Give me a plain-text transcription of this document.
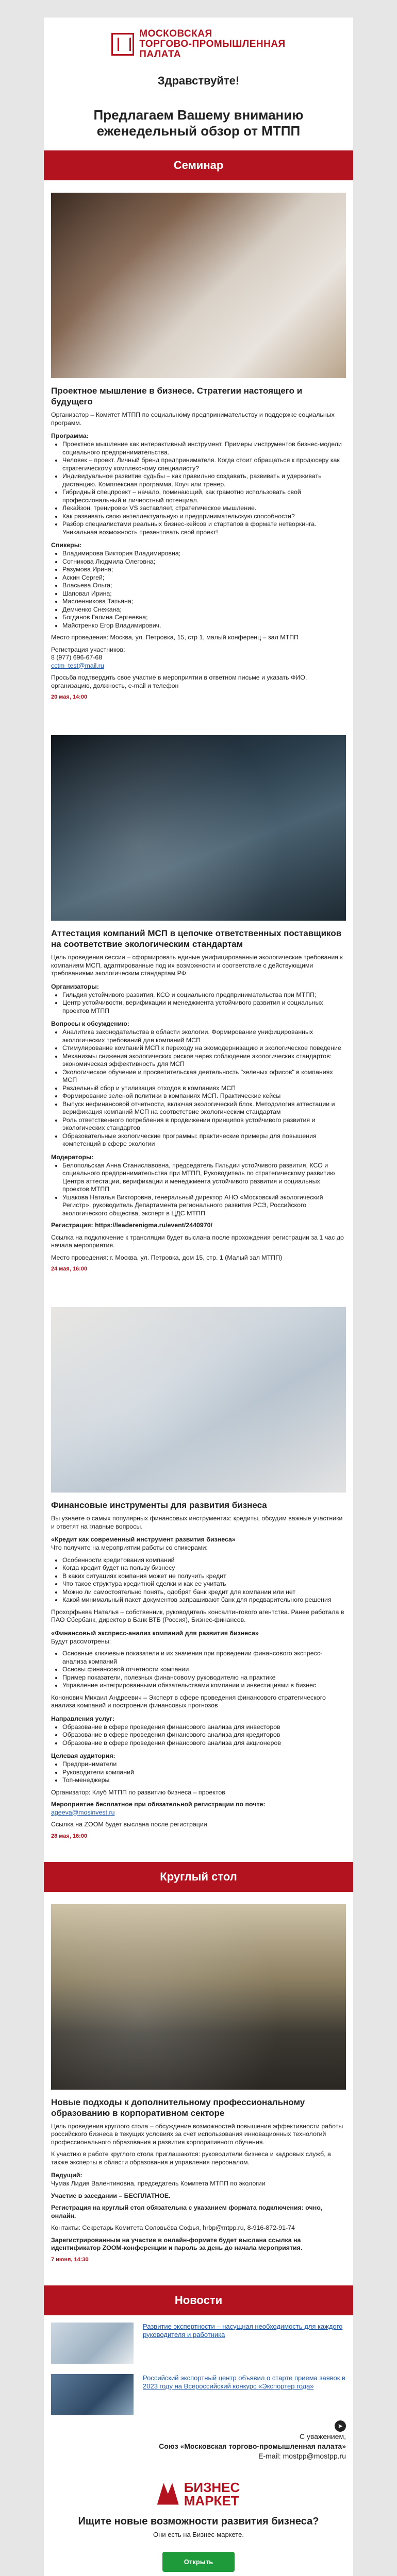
МОСКОВСКАЯ
ТОРГОВО-ПРОМЫШЛЕННАЯ
ПАЛАТА
Здравствуйте!
Предлагаем Вашему вниманию еженедельный обзор от МТПП
Семинар
Проектное мышление в бизнесе. Стратегии настоящего и будущего

Организатор – Комитет МТПП по социальному предпринимательству и поддержке социальных программ.

Программа:
• Проектное мышление как интерактивный инструмент. Примеры инструментов бизнес-модели социального предпринимательства.
• Человек – проект. Личный бренд предпринимателя. Когда стоит обращаться к продюсеру как стратегическому комплексному специалисту?
• Индивидуальное развитие судьбы – как правильно создавать, развивать и удерживать дистанцию. Комплексная программа. Коуч или тренер.
• Гибридный спецпроект – начало, поминающий, как грамотно использовать свой профессиональный и личностный потенциал.
• Лекайзон, тренировки VS заставляет, стратегическое мышление.
• Как развивать свою интеллектуальную и предпринимательскую способности?
• Разбор специалистами реальных бизнес-кейсов и стартапов в формате нетворкинга. Уникальная возможность презентовать свой проект!
Спикеры:
• Владимирова Виктория Владимировна;
• Сотникова Людмила Олеговна;
• Разумова Ирина;
• Аскин Сергей;
• Власьева Ольга;
• Шаповал Ирина;
• Масленникова Татьяна;
• Демченко Снежана;
• Богданов Галина Сергеевна;
• Майстренко Егор Владимирович.

Место проведения: Москва, ул. Петровка, 15, стр 1, малый конференц – зал МТПП

Регистрация участников:
8 (977) 696-67-68
cctm_test@mail.ru

Просьба подтвердить свое участие в мероприятии в ответном письме и указать ФИО, организацию, должность, e-mail и телефон

20 мая, 14:00
Аттестация компаний МСП в цепочке ответственных поставщиков на соответствие экологическим стандартам

Цель проведения сессии – сформировать единые унифицированные экологические требования к компаниям МСП, адаптированные под их возможности и соответствие с действующими требованиями экологическим стандартам РФ

Организаторы:
• Гильдия устойчивого развития, КСО и социального предпринимательства при МТПП;
• Центр устойчивости, верификации и менеджмента устойчивого развития и социальных проектов МТПП
Вопросы к обсуждению:
• Аналитика законодательства в области экологии. Формирование унифицированных экологических требований для компаний МСП
• Стимулирование компаний МСП к переходу на экомодернизацию и экологическое поведение
• Механизмы снижения экологических рисков через соблюдение экологических стандартов: экономическая эффективность для МСП
• Экологическое обучение и просветительская деятельность "зеленых офисов" в компаниях МСП
• Раздельный сбор и утилизация отходов в компаниях МСП
• Формирование зеленой политики в компаниях МСП. Практические кейсы
• Выпуск нефинансовой отчетности, включая экологический блок. Методология аттестации и верификация компаний МСП на соответствие экологическим стандартам
• Роль ответственного потребления в продвижении принципов устойчивого развития и экологических стандартов
• Образовательные экологические программы: практические примеры для повышения компетенций в сфере экологии
Модераторы:
• Белопольская Анна Станиславовна, председатель Гильдии устойчивого развития, КСО и социального предпринимательства при МТПП, Руководитель по стратегическому развитию Центра аттестации, верификации и менеджмента устойчивого развития и социальных проектов МТПП
• Ушакова Наталья Викторовна, генеральный директор АНО «Московский экологический Регистр», руководитель Департамента регионального развития РСЭ, Российского экологического общества, эксперт в ЦДС МТПП

Регистрация: https://leaderenigma.ru/event/2440970/

Ссылка на подключение к трансляции будет выслана после прохождения регистрации за 1 час до начала мероприятия.

Место проведения: г. Москва, ул. Петровка, дом 15, стр. 1 (Малый зал МТПП)

24 мая, 16:00
Финансовые инструменты для развития бизнеса

Вы узнаете о самых популярных финансовых инструментах: кредиты, обсудим важные участники и ответят на главные вопросы.

«Кредит как современный инструмент развития бизнеса»

Что получите на мероприятии работы со спикерами:

• Особенности кредитования компаний
• Когда кредит будет на пользу бизнесу
• В каких ситуациях компания может не получить кредит
• Что такое структура кредитной сделки и как ее учитать
• Можно ли самостоятельно понять, одобрят банк кредит для компании или нет
• Какой минимальный пакет документов запрашивают банк для предварительного решения

Прохорфьева Наталья – собственник, руководитель консалтингового агентства. Ранее работала в ПАО Сбербанк, директор в Банк ВТБ (Россия), Бизнес-финансов.

«Финансовый экспресс-анализ компаний для развития бизнеса»

Будут рассмотрены:

• Основные ключевые показатели и их значения при проведении финансового экспресс-анализа компаний
• Основы финансовой отчетности компании
• Пример показатели, полезных финансовому руководителю на практике
• Управление интегрированными обязательствами компании и инвестициями в бизнес

Кононович Михаил Андреевич – Эксперт в сфере проведения финансового стратегического анализа компаний и построения финансовых прогнозов

Направления услуг:
• Образование в сфере проведения финансового анализа для инвесторов
• Образование в сфере проведения финансового анализа для кредиторов
• Образование в сфере проведения финансового анализа для акционеров
Целевая аудитория:
• Предприниматели
• Руководители компаний
• Топ-менеджеры

Организатор: Клуб МТПП по развитию бизнеса – проектов

Мероприятие бесплатное при обязательной регистрации по почте:
ageeva@mosinvest.ru

Ссылка на ZOOM будет выслана после регистрации

28 мая, 16:00
Круглый стол
Новые подходы к дополнительному профессиональному образованию в корпоративном секторе

Цель проведения круглого стола – обсуждение возможностей повышения эффективности работы российского бизнеса в текущих условиях за счёт использования инновационных технологий профессионального образования и развития корпоративного обучения.

К участию в работе круглого стола приглашаются: руководители бизнеса и кадровых служб, а также эксперты в области образования и управления персоналом.

Ведущий:

Чумак Лидия Валентиновна, председатель Комитета МТПП по экологии

Участие в заседании – БЕСПЛАТНОЕ.

Регистрация на круглый стол обязательна с указанием формата подключения: очно, онлайн.

Контакты: Секретарь Комитета Соловьёва Софья, hrbp@mtpp.ru, 8-916-872-91-74

Зарегистрированным на участие в онлайн-формате будет выслана ссылка на идентификатор ZOOM-конференции и пароль за день до начала мероприятия.

7 июня, 14:30
Новости
Развитие экспертности – насущная необходимость для каждого руководителя и работника
Российский экспортный центр объявил о старте приема заявок в 2023 году на Всероссийский конкурс «Экспортер года»
➤
С уважением,
Союз «Московская торгово-промышленная палата»
E-mail: mostpp@mostpp.ru
БИЗНЕС
МАРКЕТ
Ищите новые возможности развития бизнеса?
Они есть на Бизнес-маркете.
Открыть
